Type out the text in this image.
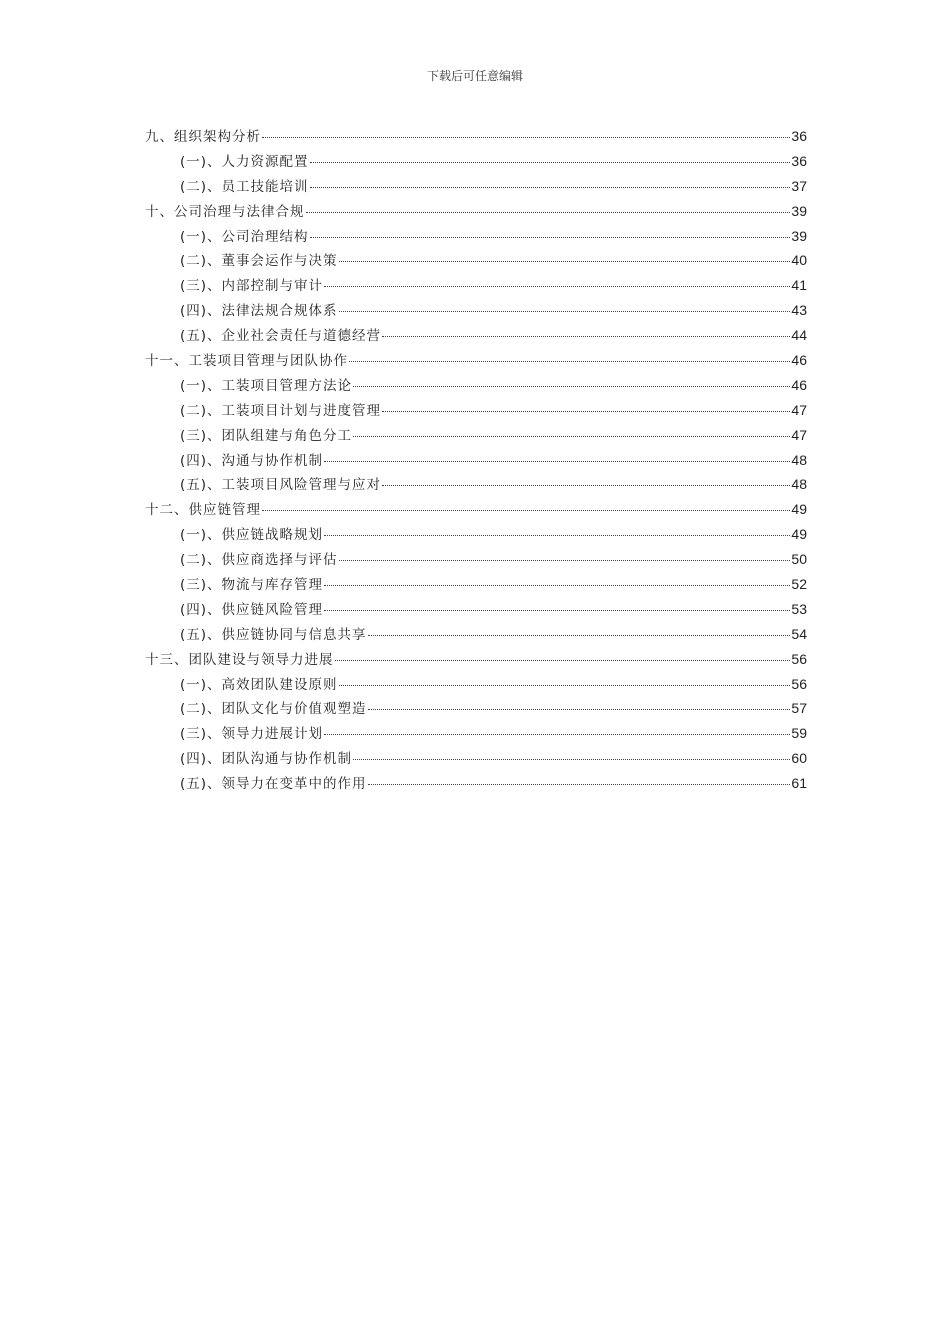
下载后可任意编辑
九、组织架构分析	36
(一)、人力资源配置	36
(二)、员工技能培训	37
十、公司治理与法律合规	39
(一)、公司治理结构	39
(二)、董事会运作与决策	40
(三)、内部控制与审计	41
(四)、法律法规合规体系	43
(五)、企业社会责任与道德经营	44
十一、工装项目管理与团队协作	46
(一)、工装项目管理方法论	46
(二)、工装项目计划与进度管理	47
(三)、团队组建与角色分工	47
(四)、沟通与协作机制	48
(五)、工装项目风险管理与应对	48
十二、供应链管理	49
(一)、供应链战略规划	49
(二)、供应商选择与评估	50
(三)、物流与库存管理	52
(四)、供应链风险管理	53
(五)、供应链协同与信息共享	54
十三、团队建设与领导力进展	56
(一)、高效团队建设原则	56
(二)、团队文化与价值观塑造	57
(三)、领导力进展计划	59
(四)、团队沟通与协作机制	60
(五)、领导力在变革中的作用	61
